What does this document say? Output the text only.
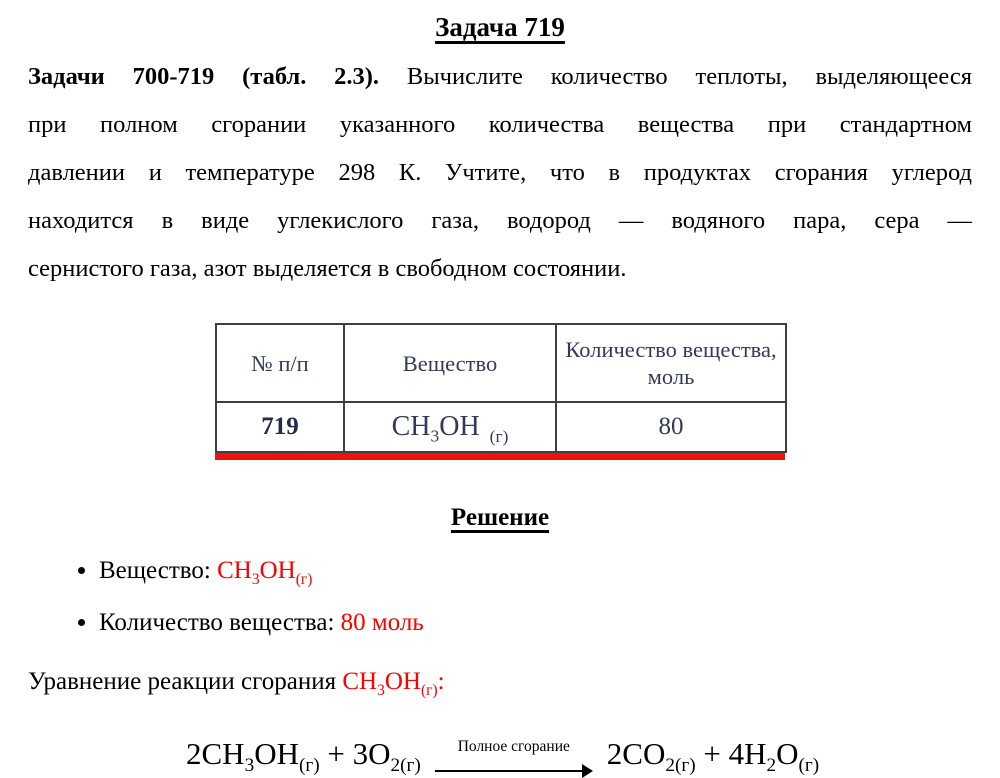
Задача 719
Задачи 700-719 (табл. 2.3). Вычислите количество теплоты, выделяющееся
при полном сгорании указанного количества вещества при стандартном
давлении и температуре 298 К. Учтите, что в продуктах сгорания углерод
находится в виде углекислого газа, водород — водяного пара, сера —
сернистого газа, азот выделяется в свободном состоянии.
№ п/п	Вещество	Количество вещества, моль
719	$CH_3OH$ $_{(г)}$	80
Решение
• Вещество: $CH_3OH_{(г)}$
• Количество вещества: 80 моль
Уравнение реакции сгорания $CH_3OH_{(г)}$:
$2CH_3OH_{(г)} + 3O_{2(г)}$
Полное сгорание $2CO_{2(г)} + 4H_2O_{(г)}$
